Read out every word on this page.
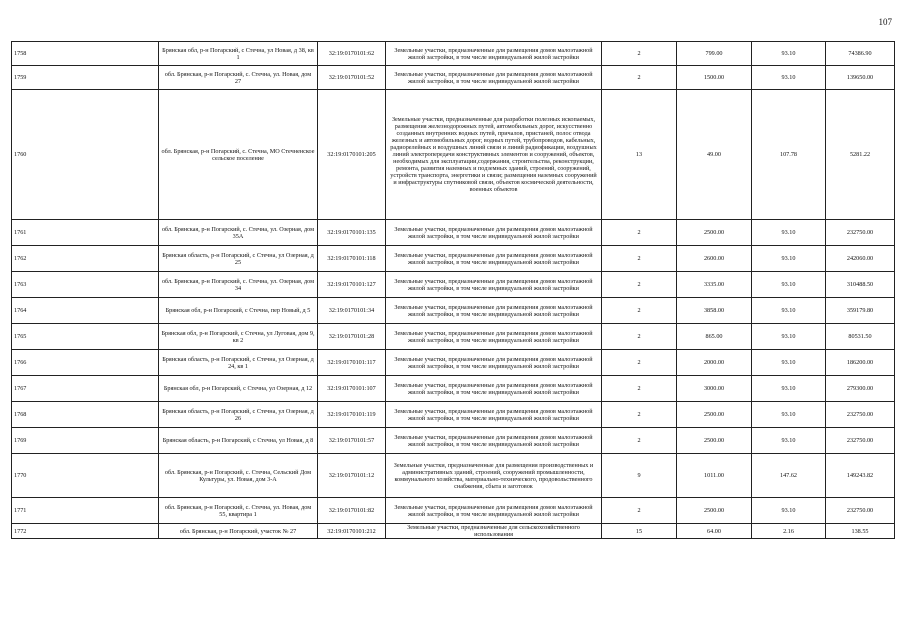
107
1758	Брянская обл, р-н Погарский, с Стечна, ул Новая, д 38, кв 1	32:19:0170101:62	Земельные участки, предназначенные для размещения домов малоэтажной жилой застройки, в том числе индивидуальной жилой застройки	2	799.00	93.10	74386.90
1759	обл. Брянская, р-н Погарский, с. Стечна, ул. Новая, дом 27	32:19:0170101:52	Земельные участки, предназначенные для размещения домов малоэтажной жилой застройки, в том числе индивидуальной жилой застройки	2	1500.00	93.10	139650.00
1760	обл. Брянская, р-н Погарский, с. Стечна, МО Стечненское сельское поселение	32:19:0170101:205	Земельные участки, предназначенные для разработки полезных ископаемых, размещения железнодорожных путей, автомобильных дорог, искусственно созданных внутренних водных путей, причалов, пристаней, полос отвода железных и автомобильных дорог, водных путей, трубопроводов, кабельных, радиорелейных и воздушных линий связи и линий радиофикации, воздушных линий электропередачи конструктивных элементов и сооружений, объектов, необходимых для эксплуатации,содержания, строительства, реконструкции, ремонта, развития наземных и подземных зданий, строений, сооружений, устройств транспорта, энергетики и связи; размещения наземных сооружений и инфраструктуры спутниковой связи, объектов космической деятельности, военных объектов	13	49.00	107.78	5281.22
1761	обл. Брянская, р-н Погарский, с. Стечна, ул. Озерная, дом 35А	32:19:0170101:135	Земельные участки, предназначенные для размещения домов малоэтажной жилой застройки, в том числе индивидуальной жилой застройки	2	2500.00	93.10	232750.00
1762	Брянская область, р-н Погарский, с Стечна, ул Озерная, д 25	32:19:0170101:118	Земельные участки, предназначенные для размещения домов малоэтажной жилой застройки, в том числе индивидуальной жилой застройки	2	2600.00	93.10	242060.00
1763	обл. Брянская, р-н Погарский, с. Стечна, ул. Озерная, дом 34	32:19:0170101:127	Земельные участки, предназначенные для размещения домов малоэтажной жилой застройки, в том числе индивидуальной жилой застройки	2	3335.00	93.10	310488.50
1764	Брянская обл, р-н Погарский, с Стечна, пер Новый, д 5	32:19:0170101:34	Земельные участки, предназначенные для размещения домов малоэтажной жилой застройки, в том числе индивидуальной жилой застройки	2	3858.00	93.10	359179.80
1765	Брянская обл, р-н Погарский, с Стечна, ул Луговая, дом 9, кв 2	32:19:0170101:28	Земельные участки, предназначенные для размещения домов малоэтажной жилой застройки, в том числе индивидуальной жилой застройки	2	865.00	93.10	80531.50
1766	Брянская область, р-н Погарский, с Стечна, ул Озерная, д 24, кв 1	32:19:0170101:117	Земельные участки, предназначенные для размещения домов малоэтажной жилой застройки, в том числе индивидуальной жилой застройки	2	2000.00	93.10	186200.00
1767	Брянская обл, р-н Погарский, с Стечна, ул Озерная, д 12	32:19:0170101:107	Земельные участки, предназначенные для размещения домов малоэтажной жилой застройки, в том числе индивидуальной жилой застройки	2	3000.00	93.10	279300.00
1768	Брянская область, р-н Погарский, с Стечна, ул Озерная, д 26	32:19:0170101:119	Земельные участки, предназначенные для размещения домов малоэтажной жилой застройки, в том числе индивидуальной жилой застройки	2	2500.00	93.10	232750.00
1769	Брянская область, р-н Погарский, с Стечна, ул Новая, д 8	32:19:0170101:57	Земельные участки, предназначенные для размещения домов малоэтажной жилой застройки, в том числе индивидуальной жилой застройки	2	2500.00	93.10	232750.00
1770	обл. Брянская, р-н Погарский, с. Стечна, Сельский Дом Культуры, ул. Новая, дом 3-А	32:19:0170101:12	Земельные участки, предназначенные для размещения производственных и административных зданий, строений, сооружений промышленности, коммунального хозяйства, материально-технического, продовольственного снабжения, сбыта и заготовок	9	1011.00	147.62	149243.82
1771	обл. Брянская, р-н Погарский, с. Стечна, ул. Новая, дом 55, квартира 1	32:19:0170101:82	Земельные участки, предназначенные для размещения домов малоэтажной жилой застройки, в том числе индивидуальной жилой застройки	2	2500.00	93.10	232750.00
1772	обл. Брянская, р-н Погарский, участок № 27	32:19:0170101:212	Земельные участки, предназначенные для сельскохозяйственного использования	15	64.00	2.16	138.55
